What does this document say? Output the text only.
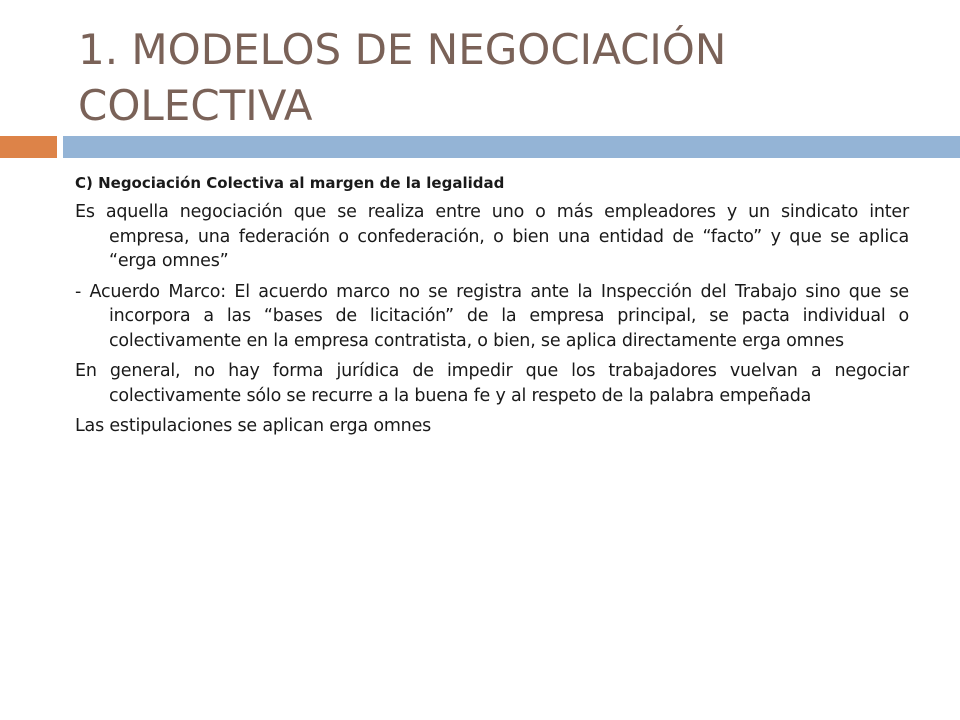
1. MODELOS DE NEGOCIACIÓN COLECTIVA
C) Negociación Colectiva al margen de la legalidad

Es aquella negociación que se realiza entre uno o más empleadores y un sindicato inter empresa, una federación o confederación, o bien una entidad de “facto” y que se aplica “erga omnes”

- Acuerdo Marco: El acuerdo marco no se registra ante la Inspección del Trabajo sino que se incorpora a las “bases de licitación” de la empresa principal, se pacta individual o colectivamente en la empresa contratista, o bien, se aplica directamente erga omnes

En general, no hay forma jurídica de impedir que los trabajadores vuelvan a negociar colectivamente sólo se recurre a la buena fe y al respeto de la palabra empeñada

Las estipulaciones se aplican erga omnes
